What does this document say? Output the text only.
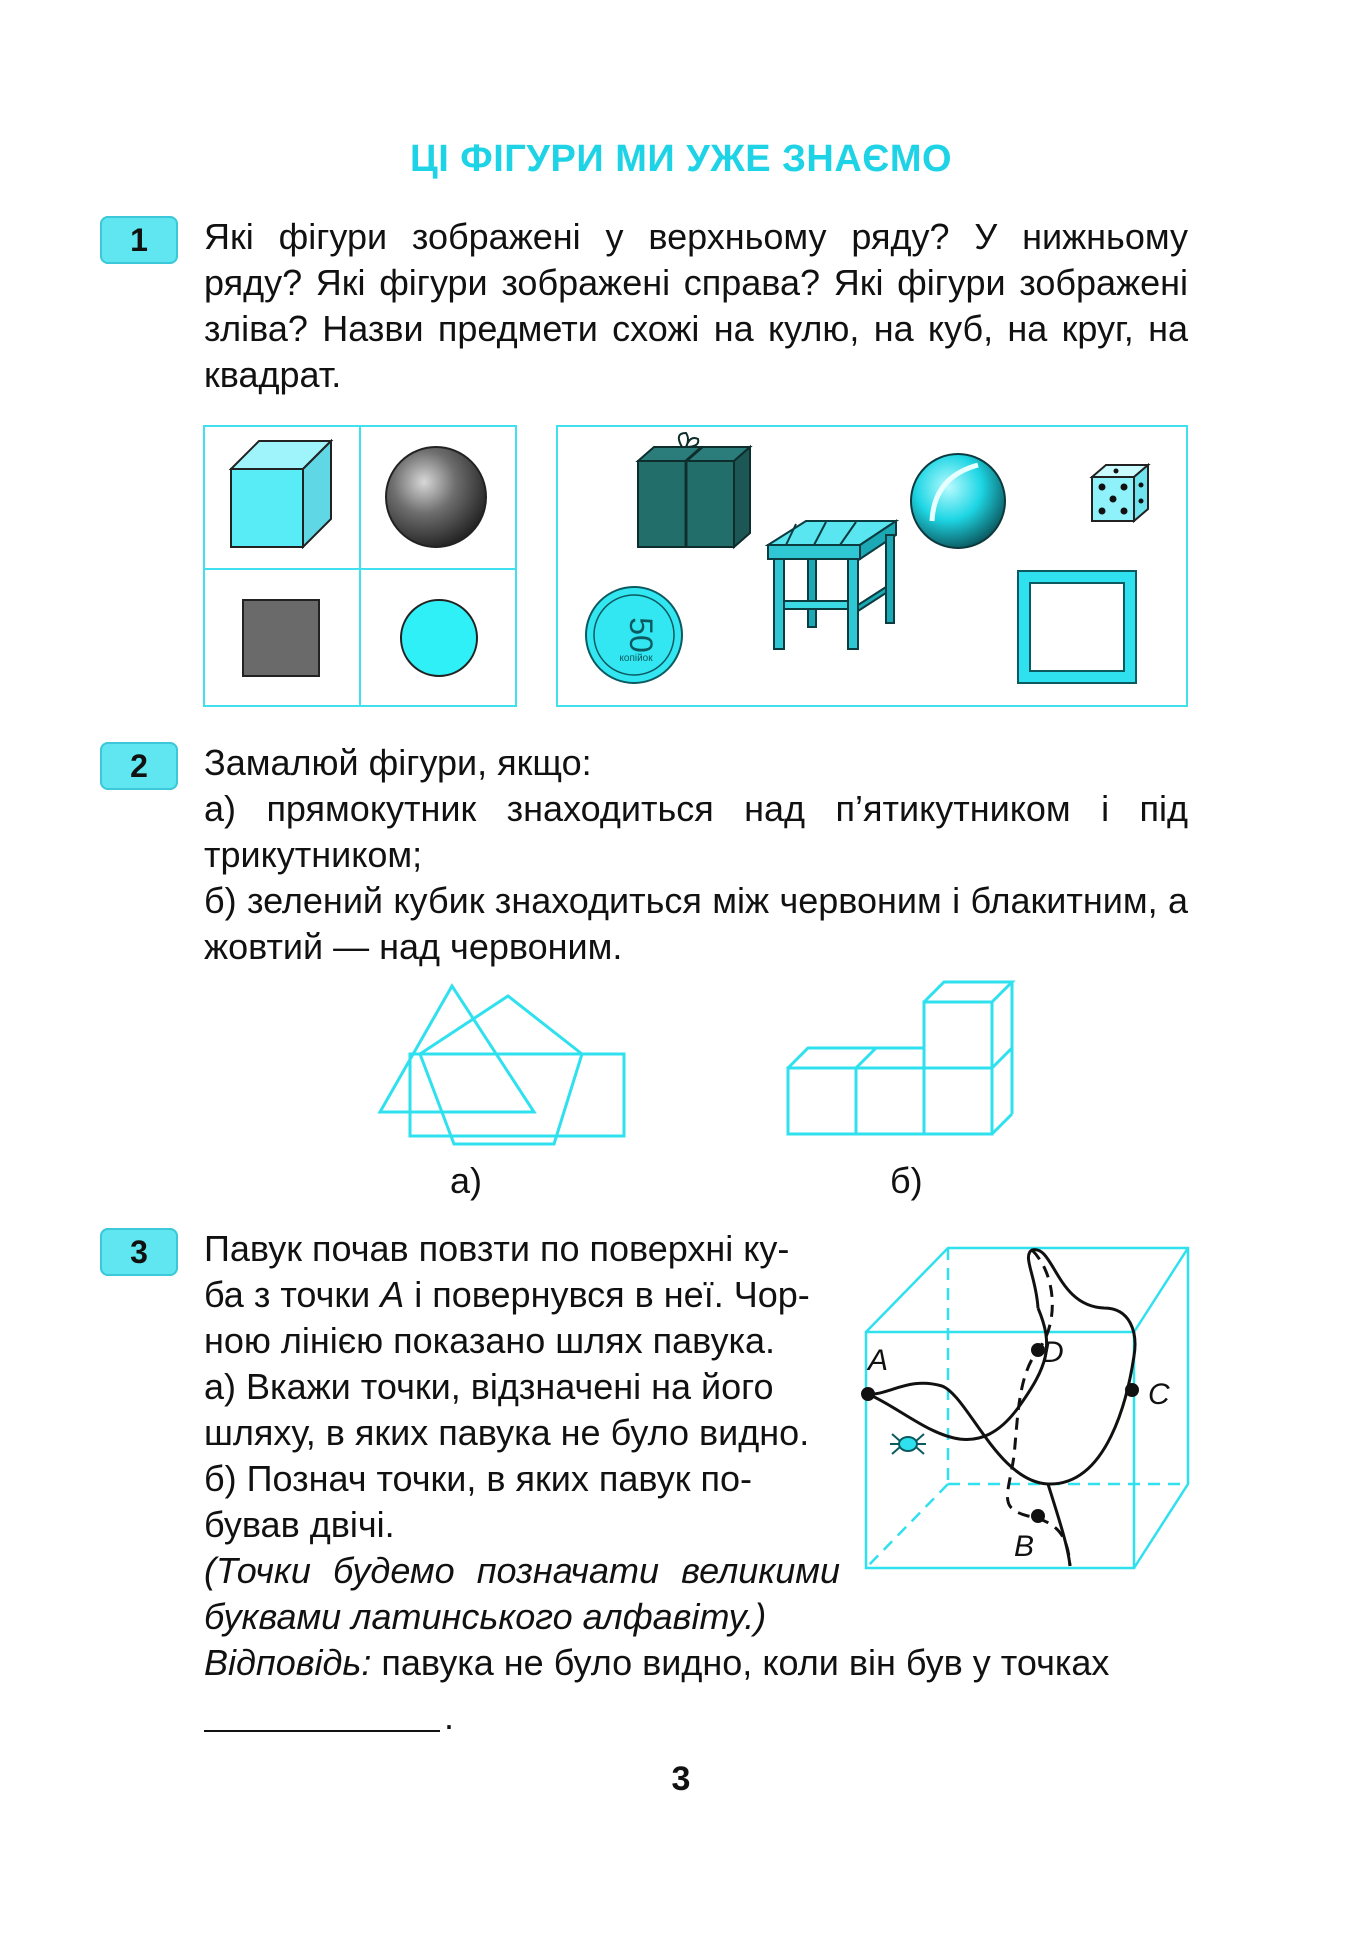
ЦІ ФІГУРИ МИ УЖЕ ЗНАЄМО
1	Які фігури зображені у верхньому ряду? У нижньому ряду? Які фігури зображені справа? Які фігури зображені зліва? Назви предмети схожі на кулю, на куб, на круг, на квадрат.
50
копійок
2	Замалюй фігури, якщо:

а) прямокутник знаходиться над п’ятикутником і під трикутником;

б) зелений кубик знаходиться між червоним і блакитним, а жовтий — над червоним.

а)	б)
3	Павук почав повзти по поверхні ку-

ба з точки А і повернувся в неї. Чор-

ною лінією показано шлях павука.

а) Вкажи точки, відзначені на його

шляху, в яких павука не було видно.

б) Познач точки, в яких павук по-

бував двічі.

(Точки будемо позначати великими буквами латинського алфавіту.)

A	D
C
B

Відповідь: павука не було видно, коли він був у точках

.
3
